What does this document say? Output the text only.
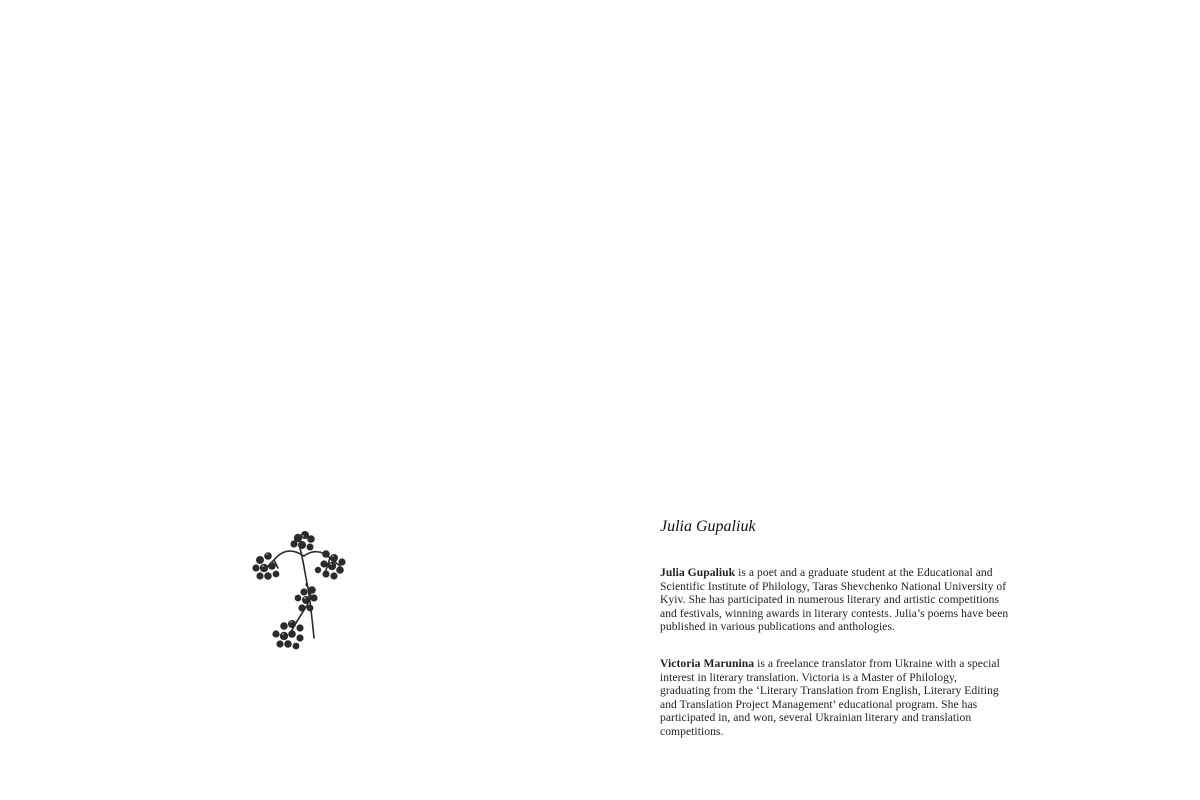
Julia Gupaliuk

Julia Gupaliuk is a poet and a graduate student at the Educational and Scientific Institute of Philology, Taras Shevchenko National University of Kyiv. She has participated in numerous literary and artistic competitions and festivals, winning awards in literary contests. Julia’s poems have been published in various publications and anthologies.

Victoria Marunina is a freelance translator from Ukraine with a special interest in literary translation. Victoria is a Master of Philology, graduating from the ‘Literary Translation from English, Literary Editing and Translation Project Management’ educational program. She has participated in, and won, several Ukrainian literary and translation competitions.
